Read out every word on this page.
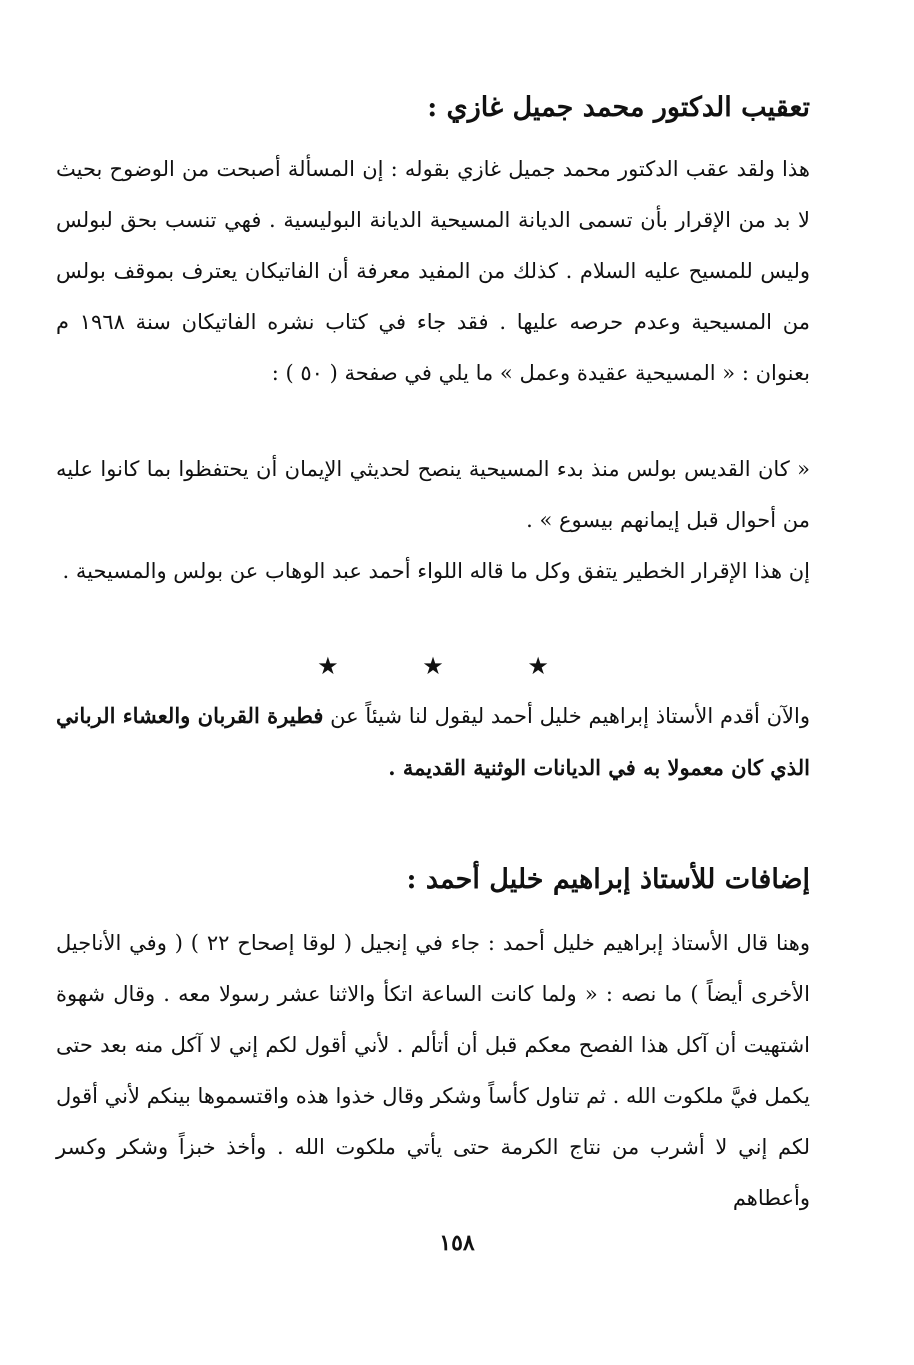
تعقيب الدكتور محمد جميل غازي :

هذا ولقد عقب الدكتور محمد جميل غازي بقوله : إن المسألة أصبحت من الوضوح بحيث لا بد من الإقرار بأن تسمى الديانة المسيحية الديانة البوليسية . فهي تنسب بحق لبولس وليس للمسيح عليه السلام . كذلك من المفيد معرفة أن الفاتيكان يعترف بموقف بولس من المسيحية وعدم حرصه عليها . فقد جاء في كتاب نشره الفاتيكان سنة ١٩٦٨ م بعنوان : « المسيحية عقيدة وعمل » ما يلي في صفحة ( ٥٠ ) :

« كان القديس بولس منذ بدء المسيحية ينصح لحديثي الإيمان أن يحتفظوا بما كانوا عليه من أحوال قبل إيمانهم بيسوع » .

إن هذا الإقرار الخطير يتفق وكل ما قاله اللواء أحمد عبد الوهاب عن بولس والمسيحية .

★ ★ ★

والآن أقدم الأستاذ إبراهيم خليل أحمد ليقول لنا شيئاً عن فطيرة القربان والعشاء الرباني الذي كان معمولا به في الديانات الوثنية القديمة .

إضافات للأستاذ إبراهيم خليل أحمد :

وهنا قال الأستاذ إبراهيم خليل أحمد : جاء في إنجيل ( لوقا إصحاح ٢٢ ) ( وفي الأناجيل الأخرى أيضاً ) ما نصه : « ولما كانت الساعة اتكأ والاثنا عشر رسولا معه . وقال شهوة اشتهيت أن آكل هذا الفصح معكم قبل أن أتألم . لأني أقول لكم إني لا آكل منه بعد حتى يكمل فيَّ ملكوت الله . ثم تناول كأساً وشكر وقال خذوا هذه واقتسموها بينكم لأني أقول لكم إني لا أشرب من نتاج الكرمة حتى يأتي ملكوت الله . وأخذ خبزاً وشكر وكسر وأعطاهم

١٥٨
